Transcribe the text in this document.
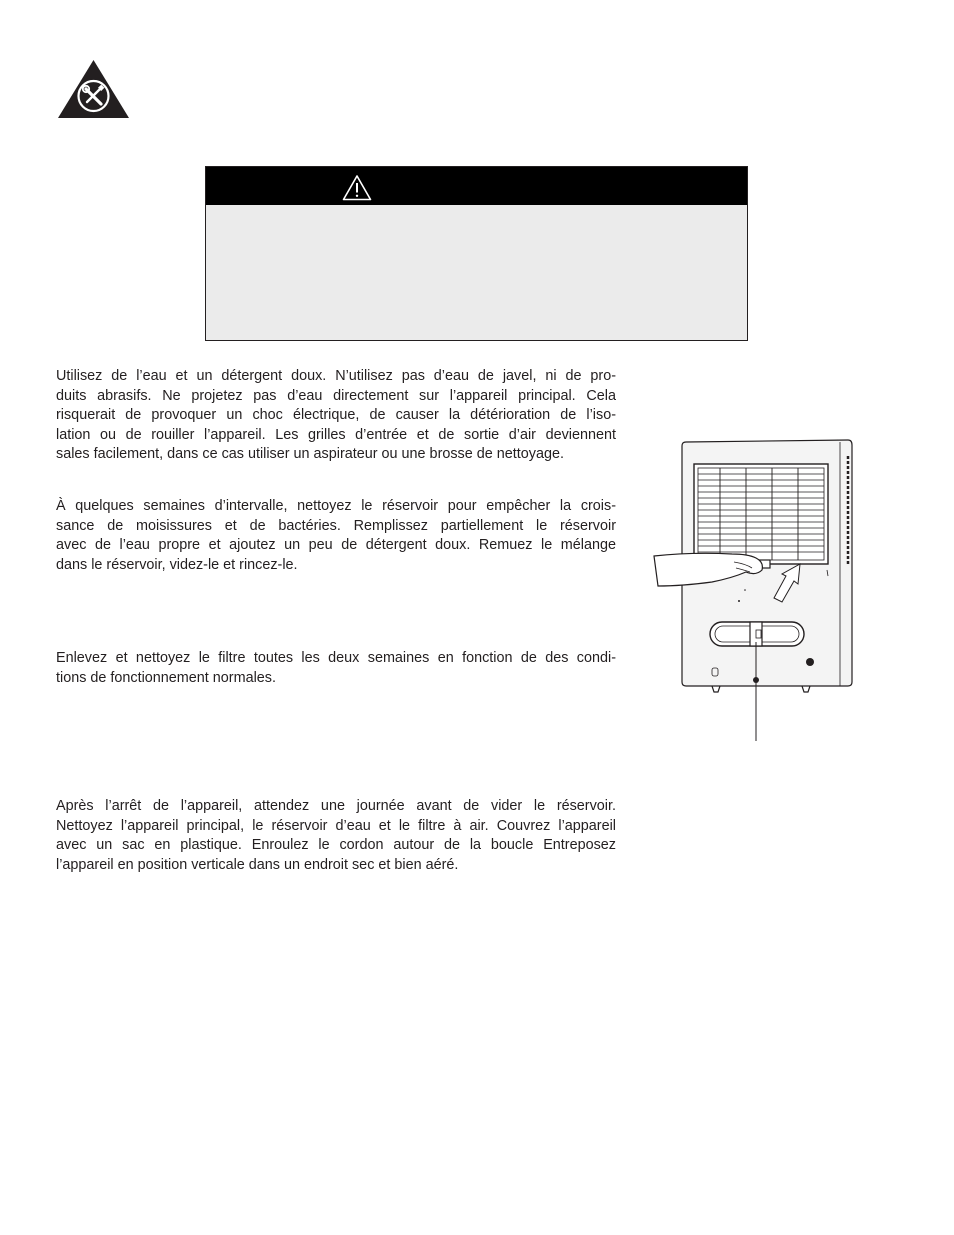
Utilisez de l’eau et un détergent doux. N’utilisez pas d’eau de javel, ni de pro-
duits abrasifs. Ne projetez pas d’eau directement sur l’appareil principal. Cela
risquerait de provoquer un choc électrique, de causer la détérioration de l’iso-
lation ou de rouiller l’appareil. Les grilles d’entrée et de sortie d’air deviennent
sales facilement, dans ce cas utiliser un aspirateur ou une brosse de nettoyage.
À quelques semaines d’intervalle, nettoyez le réservoir pour empêcher la crois-
sance de moisissures et de bactéries. Remplissez partiellement le réservoir
avec de l’eau propre et ajoutez un peu de détergent doux. Remuez le mélange
dans le réservoir, videz-le et rincez-le.
Enlevez et nettoyez le filtre toutes les deux semaines en fonction de des condi-
tions de fonctionnement normales.
Après l’arrêt de l’appareil, attendez une journée avant de vider le réservoir.
Nettoyez l’appareil principal, le réservoir d’eau et le filtre à air. Couvrez l’appareil
avec un sac en plastique. Enroulez le cordon autour de la boucle Entreposez
l’appareil en position verticale dans un endroit sec et bien aéré.
